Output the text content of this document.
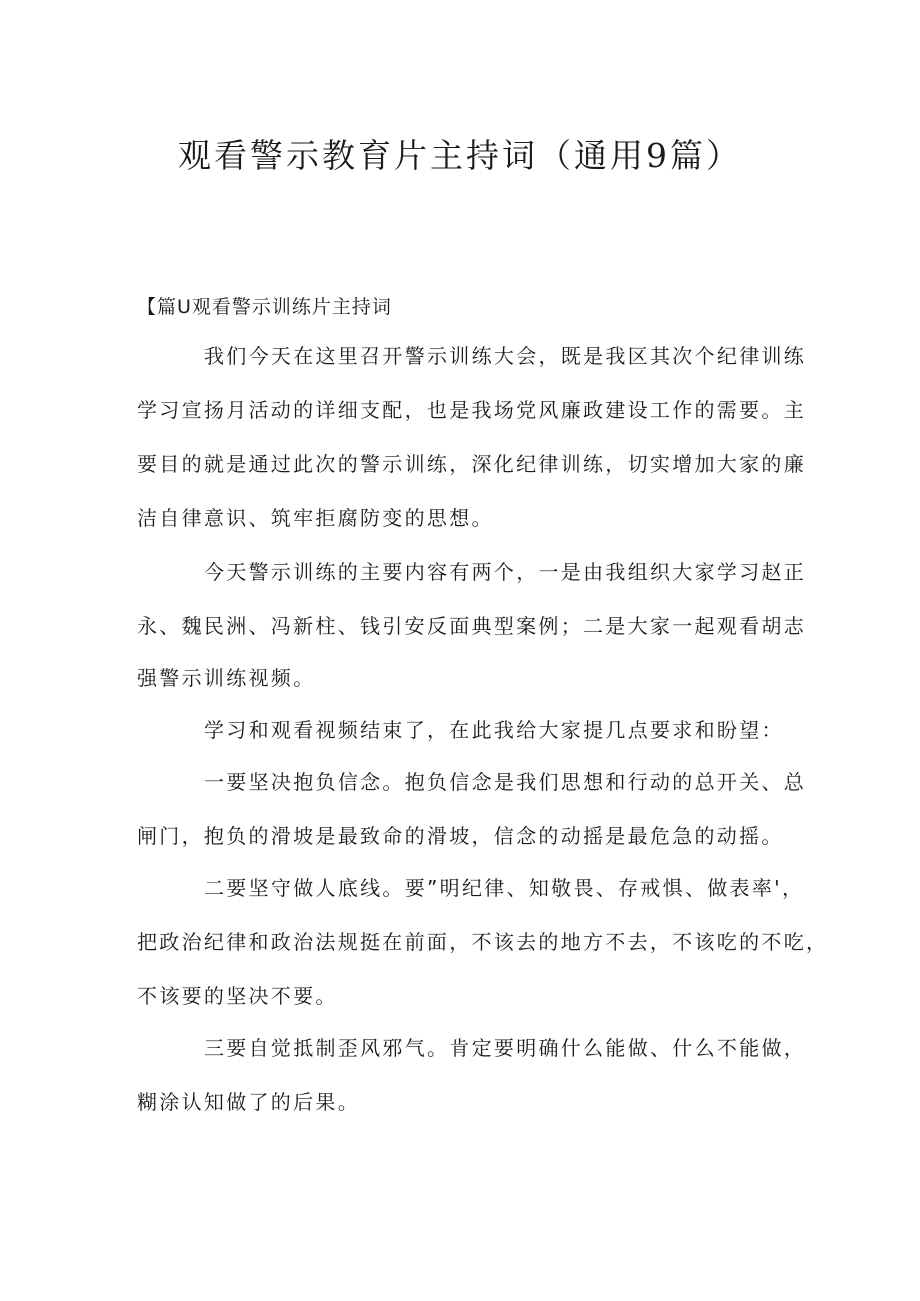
观看警示教育片主持词（通用9篇）
【篇U观看警示训练片主持词
我们今天在这里召开警示训练大会，既是我区其次个纪律训练
学习宣扬月活动的详细支配，也是我场党风廉政建设工作的需要。主
要目的就是通过此次的警示训练，深化纪律训练，切实增加大家的廉
洁自律意识、筑牢拒腐防变的思想。
今天警示训练的主要内容有两个，一是由我组织大家学习赵正
永、魏民洲、冯新柱、钱引安反面典型案例；二是大家一起观看胡志
强警示训练视频。
学习和观看视频结束了，在此我给大家提几点要求和盼望：
一要坚决抱负信念。抱负信念是我们思想和行动的总开关、总
闸门，抱负的滑坡是最致命的滑坡，信念的动摇是最危急的动摇。
二要坚守做人底线。要”明纪律、知敬畏、存戒惧、做表率'，
把政治纪律和政治法规挺在前面，不该去的地方不去，不该吃的不吃，
不该要的坚决不要。
三要自觉抵制歪风邪气。肯定要明确什么能做、什么不能做，
糊涂认知做了的后果。
